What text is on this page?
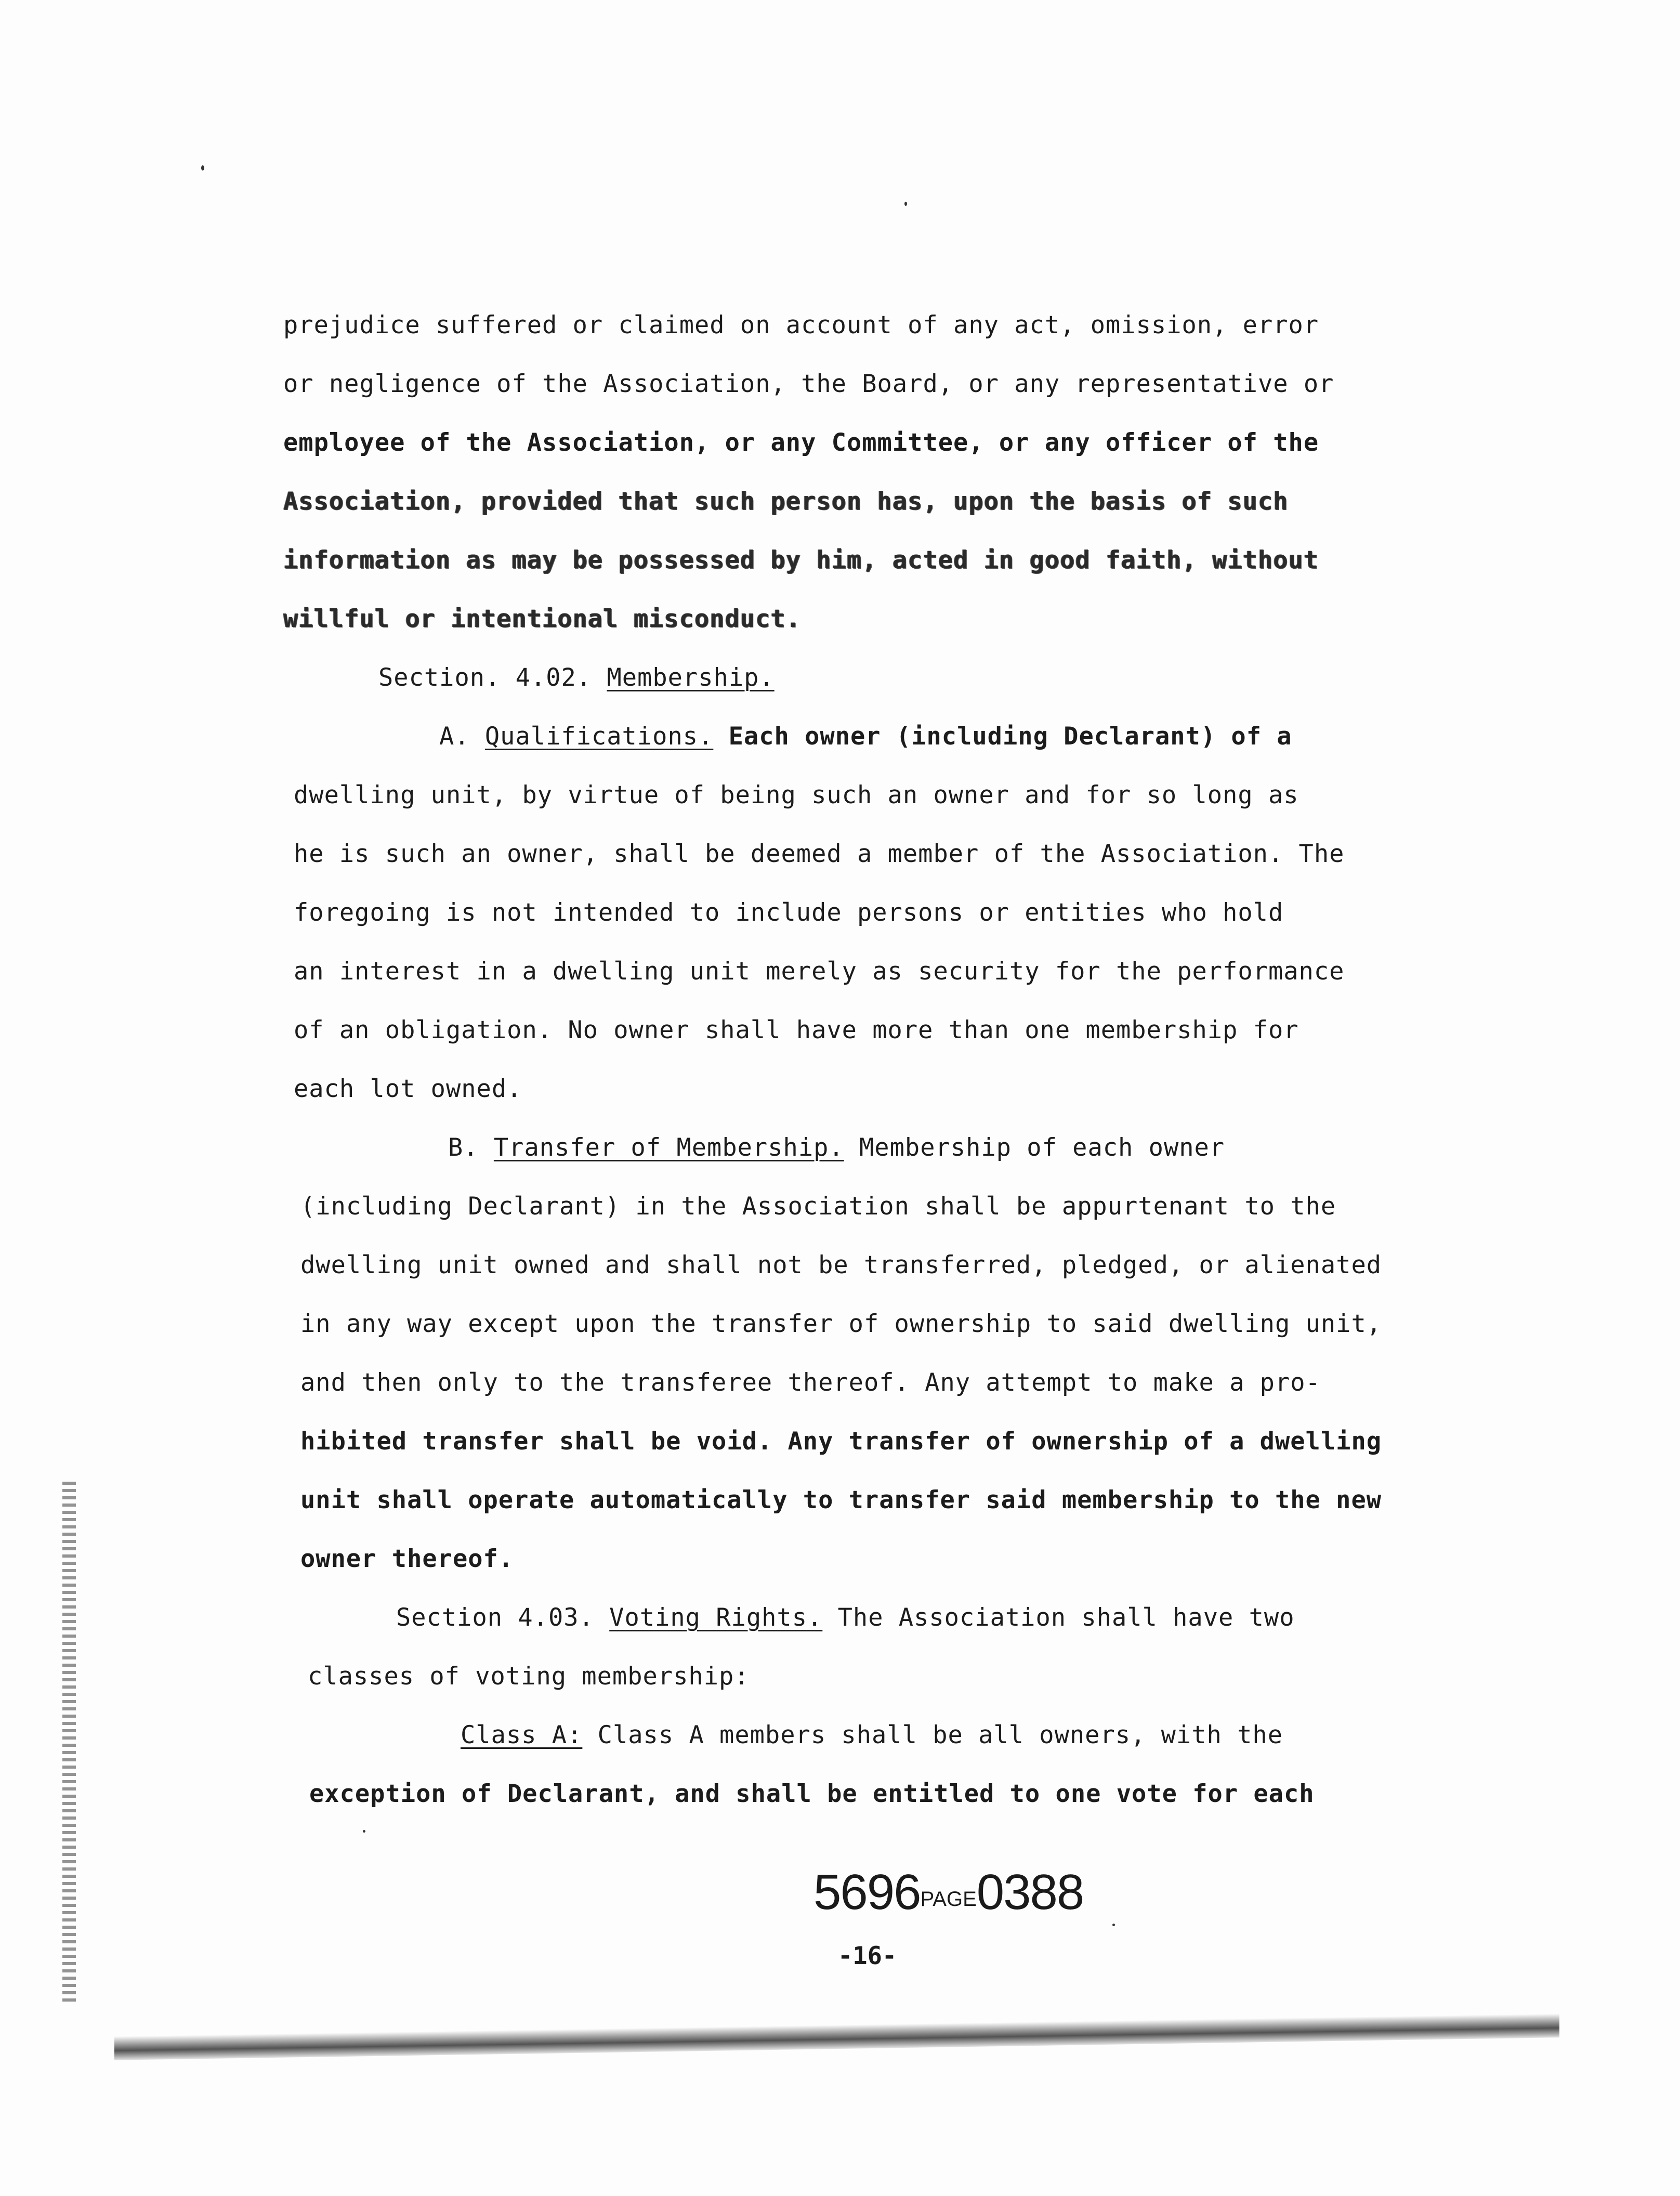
prejudice suffered or claimed on account of any act, omission, error
or negligence of the Association, the Board, or any representative or
employee of the Association, or any Committee, or any officer of the
Association, provided that such person has, upon the basis of such
information as may be possessed by him, acted in good faith, without
willful or intentional misconduct.
Section. 4.02. Membership.
A. Qualifications. Each owner (including Declarant) of a
dwelling unit, by virtue of being such an owner and for so long as
he is such an owner, shall be deemed a member of the Association. The
foregoing is not intended to include persons or entities who hold
an interest in a dwelling unit merely as security for the performance
of an obligation. No owner shall have more than one membership for
each lot owned.
B. Transfer of Membership. Membership of each owner
(including Declarant) in the Association shall be appurtenant to the
dwelling unit owned and shall not be transferred, pledged, or alienated
in any way except upon the transfer of ownership to said dwelling unit,
and then only to the transferee thereof. Any attempt to make a pro-
hibited transfer shall be void. Any transfer of ownership of a dwelling
unit shall operate automatically to transfer said membership to the new
owner thereof.
Section 4.03. Voting Rights. The Association shall have two
classes of voting membership:
Class A: Class A members shall be all owners, with the
exception of Declarant, and shall be entitled to one vote for each
5696PAGE0388
-16-
